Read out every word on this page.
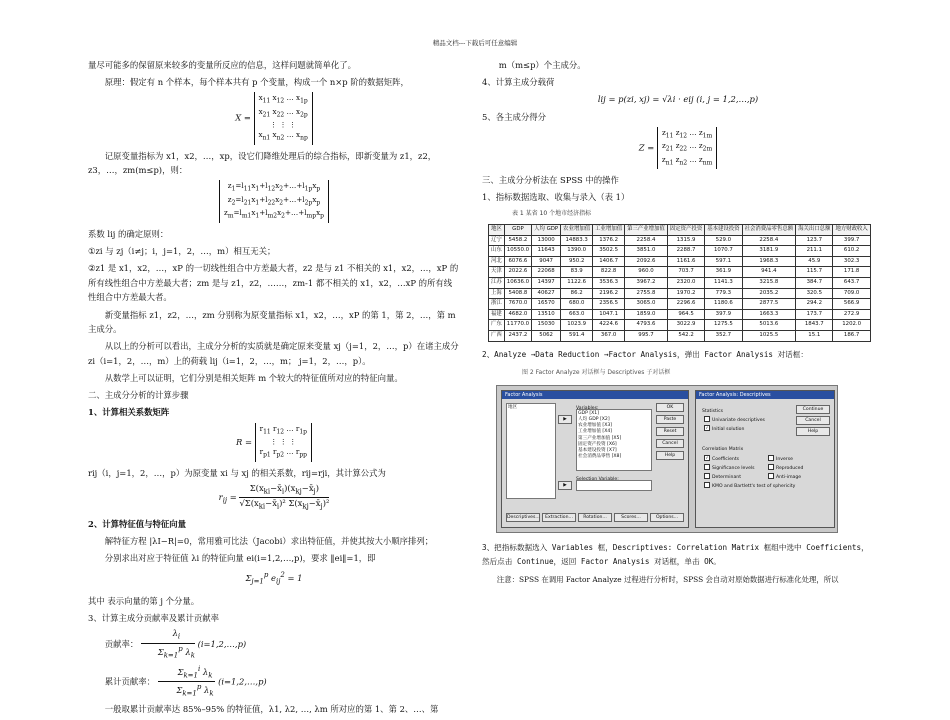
精品文档---下载后可任意编辑

量尽可能多的保留原来较多的变量所反应的信息，这样问题就简单化了。

原理：假定有 n 个样本，每个样本共有 p 个变量，构成一个 n×p 阶的数据矩阵，

$X = x_{11}$ $x_{12}$ … $x_{1p}$
$x_{21}$ $x_{22}$ … $x_{2p}$
⋮ ⋮ ⋮
$x_{n1}$ $x_{n2}$ … $x_{np}$

记原变量指标为 x1，x2，…，xp，设它们降维处理后的综合指标，即新变量为 z1，z2，z3，…，zm(m≤p)，则：

$z_1=l_{11}x_1+l_{12}x_2+\dots+l_{1p}x_p$
$z_2=l_{21}x_1+l_{22}x_2+\dots+l_{2p}x_p$
$z_m=l_{m1}x_1+l_{m2}x_2+\dots+l_{mp}x_p$

系数 lij 的确定原则：

①zi 与 zj（i≠j；i，j=1，2，…，m）相互无关；

②z1 是 x1，x2，…，xP 的一切线性组合中方差最大者，z2 是与 z1 不相关的 x1，x2，…，xP 的所有线性组合中方差最大者；zm 是与 z1，z2，……，zm-1 都不相关的 x1，x2，…xP 的所有线性组合中方差最大者。

新变量指标 z1，z2，…，zm 分别称为原变量指标 x1，x2，…，xP 的第 1，第 2，…，第 m 主成分。

从以上的分析可以看出，主成分分析的实质就是确定原来变量 xj（j=1，2，…，p）在诸主成分 zi（i=1，2，…，m）上的荷载 lij（i=1，2，…，m； j=1，2，…，p）。

从数学上可以证明，它们分别是相关矩阵 m 个较大的特征值所对应的特征向量。

二、主成分分析的计算步骤

1、计算相关系数矩阵

$R = r_{11}$ $r_{12}$ … $r_{1p}$
⋮ ⋮ ⋮
$r_{p1}$ $r_{p2}$ … $r_{pp}$

rij（i，j=1，2，…，p）为原变量 xi 与 xj 的相关系数，rij=rji，其计算公式为

$r_{ij} = \frac{\Sigma(x_{ki}-x̄_i)(x_{kj}-x̄_j)}{√\Sigma(x_{ki}-x̄_i)^2 \Sigma(x_{kj}-x̄_j)^2}$

2、计算特征值与特征向量

解特征方程 |λI−R|=0，常用雅可比法（Jacobi）求出特征值，并使其按大小顺序排列；

分别求出对应于特征值 λi 的特征向量 ei(i=1,2,…,p)，要求 ‖ei‖=1，即

$\Sigma_{j=1}^p$ $e_{ij}^2 = 1$

其中 表示向量的第 j 个分量。

3、计算主成分贡献率及累计贡献率

贡献率： $\frac{\lambda_i}{\Sigma_{k=1}^p \lambda_k}$ (i=1,2,…,p)

累计贡献率： $\frac{\Sigma_{k=1}^i \lambda_k}{\Sigma_{k=1}^p \lambda_k}$ (i=1,2,…,p)

一般取累计贡献率达 85%–95% 的特征值，λ1, λ2, …, λm 所对应的第 1、第 2、…、第

m（m≤p）个主成分。

4、计算主成分载荷

lij = p(zi, xj) = √λi · eij (i, j = 1,2,…,p)

5、各主成分得分

$Z = z_{11}$ $z_{12}$ … $z_{1m}$
$z_{21}$ $z_{22}$ … $z_{2m}$
$z_{n1}$ $z_{n2}$ … $z_{nm}$

三、主成分分析法在 SPSS 中的操作

1、指标数据选取、收集与录入（表 1）

表 1 某省 10 个地市经济指标
地区	GDP	人均 GDP	农业增加值	工业增加值	第三产业增加值	固定资产投资	基本建设投资	社会消费品零售总额	海关出口总额	地方财政收入
辽宁	5458.2	13000	14883.3	1376.2	2258.4	1315.9	529.0	2258.4	123.7	399.7
山东	10550.0	11643	1390.0	3502.5	3851.0	2288.7	1070.7	3181.9	211.1	610.2
河北	6076.6	9047	950.2	1406.7	2092.6	1161.6	597.1	1968.3	45.9	302.3
天津	2022.6	22068	83.9	822.8	960.0	703.7	361.9	941.4	115.7	171.8
江苏	10636.0	14397	1122.6	3536.3	3967.2	2320.0	1141.3	3215.8	384.7	643.7
上海	5408.8	40627	86.2	2196.2	2755.8	1970.2	779.3	2035.2	320.5	709.0
浙江	7670.0	16570	680.0	2356.5	3065.0	2296.6	1180.6	2877.5	294.2	566.9
福建	4682.0	13510	663.0	1047.1	1859.0	964.5	397.9	1663.3	173.7	272.9
广东	11770.0	15030	1023.9	4224.6	4793.6	3022.9	1275.5	5013.6	1843.7	1202.0
广西	2437.2	5062	591.4	367.0	995.7	542.2	352.7	1025.5	15.1	186.7

2、Analyze →Data Reduction →Factor Analysis，弹出 Factor Analysis 对话框：

图 2 Factor Analyze 对话框与 Descriptives 子对话框
Factor Analysis
地区
▶
▶
GDP [X1]
人均 GDP [X2]
农业增加值 [X3]
工业增加值 [X4]
第三产业增加值 [X5]
固定资产投资 [X6]
基本建设投资 [X7]
社会消费品零售 [X8]
OK
Paste
Reset
Cancel
Help
Descriptives...	Extraction...	Rotation...	Scores...	Options...
Factor Analysis: Descriptives
Statistics
Univariate descriptives
✓ Initial solution
Correlation Matrix
✓ Coefficients	Inverse
Significance levels	Reproduced
Determinant	Anti-image
KMO and Bartlett's test of sphericity
Continue
Cancel
Help

3、把指标数据选入 Variables 框，Descriptives: Correlation Matrix 框组中选中 Coefficients，然后点击 Continue，返回 Factor Analysis 对话框，单击 OK。

注意：SPSS 在调用 Factor Analyze 过程进行分析时，SPSS 会自动对原始数据进行标准化处理，所以
